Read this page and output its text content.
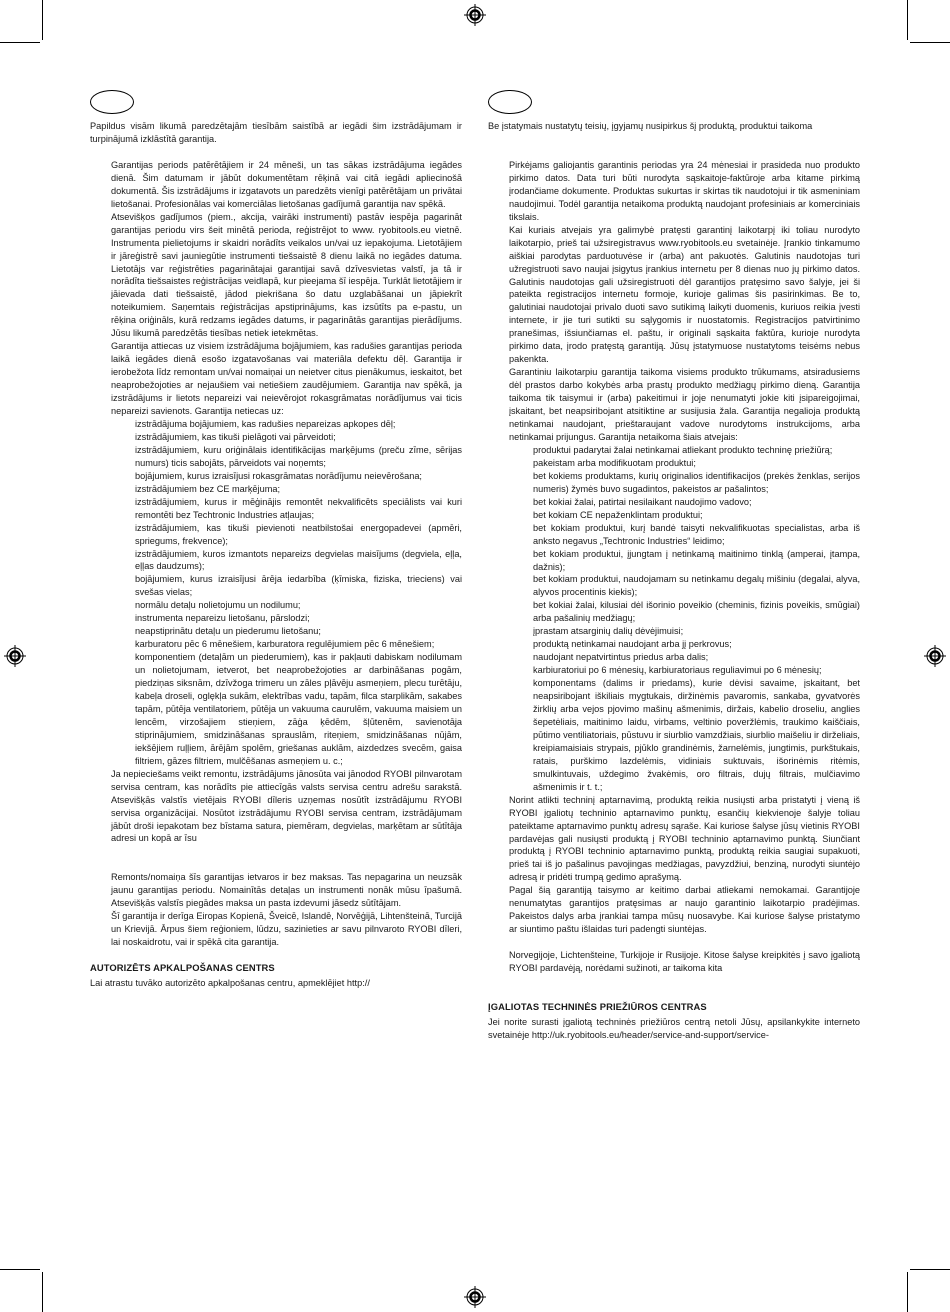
Papildus visām likumā paredzētajām tiesībām saistībā ar iegādi šim izstrādājumam ir turpinājumā izklāstītā garantija.

Garantijas periods patērētājiem ir 24 mēneši, un tas sākas izstrādājuma iegādes dienā. Šim datumam ir jābūt dokumentētam rēķinā vai citā iegādi apliecinošā dokumentā. Šis izstrādājums ir izgatavots un paredzēts vienīgi patērētājam un privātai lietošanai. Profesionālas vai komerciālas lietošanas gadījumā garantija nav spēkā.

Atsevišķos gadījumos (piem., akcija, vairāki instrumenti) pastāv iespēja pagarināt garantijas periodu virs šeit minētā perioda, reģistrējot to www. ryobitools.eu vietnē. Instrumenta pielietojums ir skaidri norādīts veikalos un/vai uz iepakojuma. Lietotājiem ir jāreģistrē savi jauniegūtie instrumenti tiešsaistē 8 dienu laikā no iegādes datuma. Lietotājs var reģistrēties pagarinātajai garantijai savā dzīvesvietas valstī, ja tā ir norādīta tiešsaistes reģistrācijas veidlapā, kur pieejama šī iespēja. Turklāt lietotājiem ir jāievada dati tiešsaistē, jādod piekrišana šo datu uzglabāšanai un jāpiekrīt noteikumiem. Saņemtais reģistrācijas apstiprinājums, kas izsūtīts pa e-pastu, un rēķina oriģināls, kurā redzams iegādes datums, ir pagarinātās garantijas pierādījums. Jūsu likumā paredzētās tiesības netiek ietekmētas.

Garantija attiecas uz visiem izstrādājuma bojājumiem, kas radušies garantijas perioda laikā iegādes dienā esošo izgatavošanas vai materiāla defektu dēļ. Garantija ir ierobežota līdz remontam un/vai nomaiņai un neietver citus pienākumus, ieskaitot, bet neaprobežojoties ar nejaušiem vai netiešiem zaudējumiem. Garantija nav spēkā, ja izstrādājums ir lietots nepareizi vai neievērojot rokasgrāmatas norādījumus vai ticis nepareizi savienots. Garantija netiecas uz:

izstrādājuma bojājumiem, kas radušies nepareizas apkopes dēļ;
izstrādājumiem, kas tikuši pielāgoti vai pārveidoti;
izstrādājumiem, kuru oriģinālais identifikācijas marķējums (preču zīme, sērijas numurs) ticis sabojāts, pārveidots vai noņemts;
bojājumiem, kurus izraisījusi rokasgrāmatas norādījumu neievērošana;
izstrādājumiem bez CE marķējuma;
izstrādājumiem, kurus ir mēģinājis remontēt nekvalificēts speciālists vai kuri remontēti bez Techtronic Industries atļaujas;
izstrādājumiem, kas tikuši pievienoti neatbilstošai energopadevei (apmēri, spriegums, frekvence);
izstrādājumiem, kuros izmantots nepareizs degvielas maisījums (degviela, eļļa, eļļas daudzums);
bojājumiem, kurus izraisījusi ārēja iedarbība (ķīmiska, fiziska, trieciens) vai svešas vielas;
normālu detaļu nolietojumu un nodilumu;
instrumenta nepareizu lietošanu, pārslodzi;
neapstiprinātu detaļu un piederumu lietošanu;
karburatoru pēc 6 mēnešiem, karburatora regulējumiem pēc 6 mēnešiem;
komponentiem (detaļām un piederumiem), kas ir pakļauti dabiskam nodilumam un nolietojumam, ietverot, bet neaprobežojoties ar darbināšanas pogām, piedziņas siksnām, dzīvžoga trimeru un zāles pļāvēju asmeņiem, plecu turētāju, kabeļa droseli, ogle̦kļa sukām, elektrības vadu, tapām, filca starplikām, sakabes tapām, pūtēja ventilatoriem, pūtēja un vakuuma caurulēm, vakuuma maisiem un lencēm, virzošajiem stieņiem, zāģa ķēdēm, šļūtenēm, savienotāja stiprinājumiem, smidzināšanas sprauslām, riteņiem, smidzināšanas nūjām, iekšējiem ruļļiem, ārējām spolēm, griešanas auklām, aizdedzes svecēm, gaisa filtriem, gāzes filtriem, mulčēšanas asmeņiem u. c.;

Ja nepieciešams veikt remontu, izstrādājums jānosūta vai jānodod RYOBI pilnvarotam servisa centram, kas norādīts pie attiecīgās valsts servisa centru adrešu sarakstā. Atsevišķās valstīs vietējais RYOBI dīleris uzņemas nosūtīt izstrādājumu RYOBI servisa organizācijai. Nosūtot izstrādājumu RYOBI servisa centram, izstrādājumam jābūt droši iepakotam bez bīstama satura, piemēram, degvielas, marķētam ar sūtītāja adresi un kopā ar īsu

Remonts/nomaiņa šīs garantijas ietvaros ir bez maksas. Tas nepagarina un neuzsāk jaunu garantijas periodu. Nomainītās detaļas un instrumenti nonāk mūsu īpašumā. Atsevišķās valstīs piegādes maksa un pasta izdevumi jāsedz sūtītājam.

Šī garantija ir derīga Eiropas Kopienā, Šveicē, Islandē, Norvēģijā, Lihtenšteinā, Turcijā un Krievijā. Ārpus šiem reģioniem, lūdzu, sazinieties ar savu pilnvaroto RYOBI dīleri, lai noskaidrotu, vai ir spēkā cita garantija.

AUTORIZĒTS APKALPOŠANAS CENTRS

Lai atrastu tuvāko autorizēto apkalpošanas centru, apmeklējiet http://

Be įstatymais nustatytų teisių, įgyjamų nusipirkus šį produktą, produktui taikoma

Pirkėjams galiojantis garantinis periodas yra 24 mėnesiai ir prasideda nuo produkto pirkimo datos. Data turi būti nurodyta sąskaitoje-faktūroje arba kitame pirkimą įrodančiame dokumente. Produktas sukurtas ir skirtas tik naudotojui ir tik asmeniniam naudojimui. Todėl garantija netaikoma produktą naudojant profesiniais ar komerciniais tikslais.

Kai kuriais atvejais yra galimybė pratęsti garantinį laikotarpį iki toliau nurodyto laikotarpio, prieš tai užsiregistravus www.ryobitools.eu svetainėje. Įrankio tinkamumo aiškiai parodytas parduotuvėse ir (arba) ant pakuotės. Galutinis naudotojas turi užregistruoti savo naujai įsigytus įrankius internetu per 8 dienas nuo jų pirkimo datos. Galutinis naudotojas gali užsiregistruoti dėl garantijos pratęsimo savo šalyje, jei ši pateikta registracijos internetu formoje, kurioje galimas šis pasirinkimas. Be to, galutiniai naudotojai privalo duoti savo sutikimą laikyti duomenis, kuriuos reikia įvesti internete, ir jie turi sutikti su sąlygomis ir nuostatomis. Registracijos patvirtinimo pranešimas, išsiunčiamas el. paštu, ir originali sąskaita faktūra, kurioje nurodyta pirkimo data, įrodo pratęstą garantiją. Jūsų įstatymuose nustatytoms teisėms nebus pakenkta.

Garantiniu laikotarpiu garantija taikoma visiems produkto trūkumams, atsiradusiems dėl prastos darbo kokybės arba prastų produkto medžiagų pirkimo dieną. Garantija taikoma tik taisymui ir (arba) pakeitimui ir joje nenumatyti jokie kiti įsipareigojimai, įskaitant, bet neapsiribojant atsitiktine ar susijusia žala. Garantija negalioja produktą netinkamai naudojant, prieštaraujant vadove nurodytoms instrukcijoms, arba netinkamai prijungus. Garantija netaikoma šiais atvejais:

produktui padarytai žalai netinkamai atliekant produkto techninę priežiūrą;
pakeistam arba modifikuotam produktui;
bet kokiems produktams, kurių originalios identifikacijos (prekės ženklas, serijos numeris) žymės buvo sugadintos, pakeistos ar pašalintos;
bet kokiai žalai, patirtai nesilaikant naudojimo vadovo;
bet kokiam CE nepaženklintam produktui;
bet kokiam produktui, kurį bandė taisyti nekvalifikuotas specialistas, arba iš anksto negavus „Techtronic Industries“ leidimo;
bet kokiam produktui, įjungtam į netinkamą maitinimo tinklą (amperai, įtampa, dažnis);
bet kokiam produktui, naudojamam su netinkamu degalų mišiniu (degalai, alyva, alyvos procentinis kiekis);
bet kokiai žalai, kilusiai dėl išorinio poveikio (cheminis, fizinis poveikis, smūgiai) arba pašalinių medžiagų;
įprastam atsarginių dalių dėvėjimuisi;
produktą netinkamai naudojant arba jį perkrovus;
naudojant nepatvirtintus priedus arba dalis;
karbiuratoriui po 6 mėnesių, karbiuratoriaus reguliavimui po 6 mėnesių;
komponentams (dalims ir priedams), kurie dėvisi savaime, įskaitant, bet neapsiribojant iškiliais mygtukais, diržinėmis pavaromis, sankaba, gyvatvorės žirklių arba vejos pjovimo mašinų ašmenimis, diržais, kabelio droseliu, anglies šepetėliais, maitinimo laidu, virbams, veltinio poveržlėmis, traukimo kaiščiais, pūtimo ventiliatoriais, pūstuvu ir siurblio vamzdžiais, siurblio maišeliu ir dirželiais, kreipiamaisiais strypais, pjūklo grandinėmis, žarnelėmis, jungtimis, purkštukais, ratais, purškimo lazdelėmis, vidiniais suktuvais, išorinėmis ritėmis, smulkintuvais, uždegimo žvakėmis, oro filtrais, dujų filtrais, mulčiavimo ašmenimis ir t. t.;

Norint atlikti techninį aptarnavimą, produktą reikia nusiųsti arba pristatyti į vieną iš RYOBI įgaliotų techninio aptarnavimo punktų, esančių kiekvienoje šalyje toliau pateiktame aptarnavimo punktų adresų sąraše. Kai kuriose šalyse jūsų vietinis RYOBI pardavėjas gali nusiųsti produktą į RYOBI techninio aptarnavimo punktą. Siunčiant produktą į RYOBI techninio aptarnavimo punktą, produktą reikia saugiai supakuoti, prieš tai iš jo pašalinus pavojingas medžiagas, pavyzdžiui, benziną, nurodyti siuntėjo adresą ir pridėti trumpą gedimo aprašymą.

Pagal šią garantiją taisymo ar keitimo darbai atliekami nemokamai. Garantijoje nenumatytas garantijos pratęsimas ar naujo garantinio laikotarpio pradėjimas. Pakeistos dalys arba įrankiai tampa mūsų nuosavybe. Kai kuriose šalyse pristatymo ar siuntimo paštu išlaidas turi padengti siuntėjas.

Norvegijoje, Lichtenšteine, Turkijoje ir Rusijoje. Kitose šalyse kreipkitės į savo įgaliotą RYOBI pardavėją, norėdami sužinoti, ar taikoma kita

ĮGALIOTAS TECHNINĖS PRIEŽIŪROS CENTRAS

Jei norite surasti įgaliotą techninės priežiūros centrą netoli Jūsų, apsilankykite interneto svetainėje http://uk.ryobitools.eu/header/service-and-support/service-
